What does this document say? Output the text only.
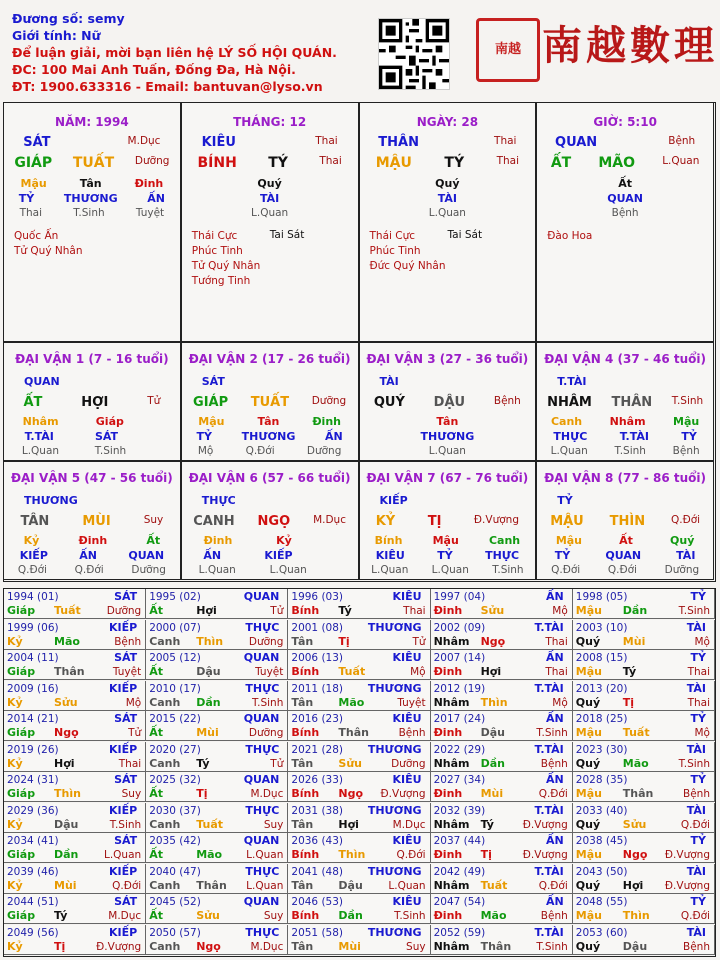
Đương số: semy
Giới tính: Nữ
Để luận giải, mời bạn liên hệ LÝ SỐ HỘI QUÁN.
ĐC: 100 Mai Anh Tuấn, Đống Đa, Hà Nội.
ĐT: 1900.633316 - Email: bantuvan@lyso.vn
南越 南越數理
NĂM: 1994
SÁT	M.Dục
GIÁP TUẤT Dưỡng
Mậu	Tân	Đinh
TỶ	THƯƠNG	ẤN
Thai	T.Sinh	Tuyệt
Quốc Ấn
Tử Quý Nhân
THÁNG: 12
KIÊU	Thai
BÍNH TÝ	Thai
Quý
TÀI
L.Quan
Thái Cực
Phúc Tinh
Tử Quý Nhân
Tướng Tinh
Tai Sát
NGÀY: 28
THÂN	Thai
MẬU TÝ	Thai
Quý
TÀI
L.Quan
Thái Cực
Phúc Tinh
Đức Quý Nhân
Tai Sát
GIỜ: 5:10
QUAN	Bệnh
ẤT MÃO	L.Quan
Ất
QUAN
Bệnh
Đào Hoa
ĐẠI VẬN 1 (7 - 16 tuổi)
QUAN
ẤT	HỢI	Tử
Nhâm	Giáp
T.TÀI	SÁT
L.Quan	T.Sinh
ĐẠI VẬN 2 (17 - 26 tuổi)
SÁT
GIÁP TUẤT Dưỡng
Mậu	Tân	Đinh
TỶ	THƯƠNG	ẤN
Mộ	Q.Đới	Dưỡng
ĐẠI VẬN 3 (27 - 36 tuổi)
TÀI
QUÝ DẬU	Bệnh
Tân
THƯƠNG
L.Quan
ĐẠI VẬN 4 (37 - 46 tuổi)
T.TÀI
NHÂM THÂN T.Sinh
Canh Nhâm Mậu
THỰC	T.TÀI	TỶ
L.Quan	T.Sinh	Bệnh
ĐẠI VẬN 5 (47 - 56 tuổi)
THƯƠNG
TÂN	MÙI	Suy
Kỷ	Đinh	Ất
KIẾP	ẤN	QUAN
Q.Đới	Q.Đới	Dưỡng
ĐẠI VẬN 6 (57 - 66 tuổi)
THỰC
CANH NGỌ M.Dục
Đinh	Kỷ
ẤN	KIẾP
L.Quan	L.Quan
ĐẠI VẬN 7 (67 - 76 tuổi)
KIẾP
KỶ TỊ	Đ.Vượng
Bính	Mậu	Canh
KIÊU	TỶ	THỰC
L.Quan L.Quan T.Sinh
ĐẠI VẬN 8 (77 - 86 tuổi)
TỶ
MẬU THÌN Q.Đới
Mậu	Ất	Quý
TỶ	QUAN	TÀI
Q.Đới	Q.Đới	Dưỡng
1994 (01)	SÁT
Giáp Tuất Dưỡng
1995 (02)	QUAN
Ất	Hợi	Tử
1996 (03)	KIÊU
Bính Tý	Thai
1997 (04)	ẤN
Đinh Sửu	Mộ
1998 (05)	TỶ
Mậu Dần	T.Sinh
1999 (06)	KIẾP
Kỷ	Mão	Bệnh
2000 (07)	THỰC
Canh Thìn Dưỡng
2001 (08) THƯƠNG
Tân Tị	Tử
2002 (09)	T.TÀI
Nhâm Ngọ	Thai
2003 (10)	TÀI
Quý Mùi	Mộ
2004 (11)	SÁT
Giáp Thân	Tuyệt
2005 (12)	QUAN
Ất	Dậu	Tuyệt
2006 (13)	KIÊU
Bính Tuất	Mộ
2007 (14)	ẤN
Đinh Hợi	Thai
2008 (15)	TỶ
Mậu Tý	Thai
2009 (16)	KIẾP
Kỷ	Sửu	Mộ
2010 (17)	THỰC
Canh Dần	T.Sinh
2011 (18) THƯƠNG
Tân Mão	Tuyệt
2012 (19)	T.TÀI
Nhâm Thìn	Mộ
2013 (20)	TÀI
Quý Tị	Thai
2014 (21)	SÁT
Giáp Ngọ	Tử
2015 (22)	QUAN
Ất	Mùi	Dưỡng
2016 (23)	KIÊU
Bính Thân	Bệnh
2017 (24)	ẤN
Đinh Dậu	T.Sinh
2018 (25)	TỶ
Mậu Tuất	Mộ
2019 (26)	KIẾP
Kỷ	Hợi	Thai
2020 (27)	THỰC
Canh Tý	Tử
2021 (28) THƯƠNG
Tân Sửu	Dưỡng
2022 (29)	T.TÀI
Nhâm Dần	Bệnh
2023 (30)	TÀI
Quý Mão	T.Sinh
2024 (31)	SÁT
Giáp Thìn	Suy
2025 (32)	QUAN
Ất	Tị	M.Dục
2026 (33)	KIÊU
Bính Ngọ Đ.Vượng
2027 (34)	ẤN
Đinh Mùi	Q.Đới
2028 (35)	TỶ
Mậu Thân	Bệnh
2029 (36)	KIẾP
Kỷ	Dậu	T.Sinh
2030 (37)	THỰC
Canh Tuất	Suy
2031 (38) THƯƠNG
Tân Hợi	M.Dục
2032 (39)	T.TÀI
Nhâm Tý	Đ.Vượng
2033 (40)	TÀI
Quý Sửu	Q.Đới
2034 (41)	SÁT
Giáp Dần L.Quan
2035 (42)	QUAN
Ất	Mão L.Quan
2036 (43)	KIÊU
Bính Thìn	Q.Đới
2037 (44)	ẤN
Đinh Tị	Đ.Vượng
2038 (45)	TỶ
Mậu Ngọ Đ.Vượng
2039 (46)	KIẾP
Kỷ	Mùi	Q.Đới
2040 (47)	THỰC
Canh Thân L.Quan
2041 (48) THƯƠNG
Tân Dậu L.Quan
2042 (49)	T.TÀI
Nhâm Tuất	Q.Đới
2043 (50)	TÀI
Quý Hợi Đ.Vượng
2044 (51)	SÁT
Giáp Tý	M.Dục
2045 (52)	QUAN
Ất	Sửu	Suy
2046 (53)	KIÊU
Bính Dần	T.Sinh
2047 (54)	ẤN
Đinh Mão	Bệnh
2048 (55)	TỶ
Mậu Thìn	Q.Đới
2049 (56)	KIẾP
Kỷ	Tị	Đ.Vượng
2050 (57)	THỰC
Canh Ngọ	M.Dục
2051 (58) THƯƠNG
Tân Mùi	Suy
2052 (59)	T.TÀI
Nhâm Thân T.Sinh
2053 (60)	TÀI
Quý Dậu	Bệnh
